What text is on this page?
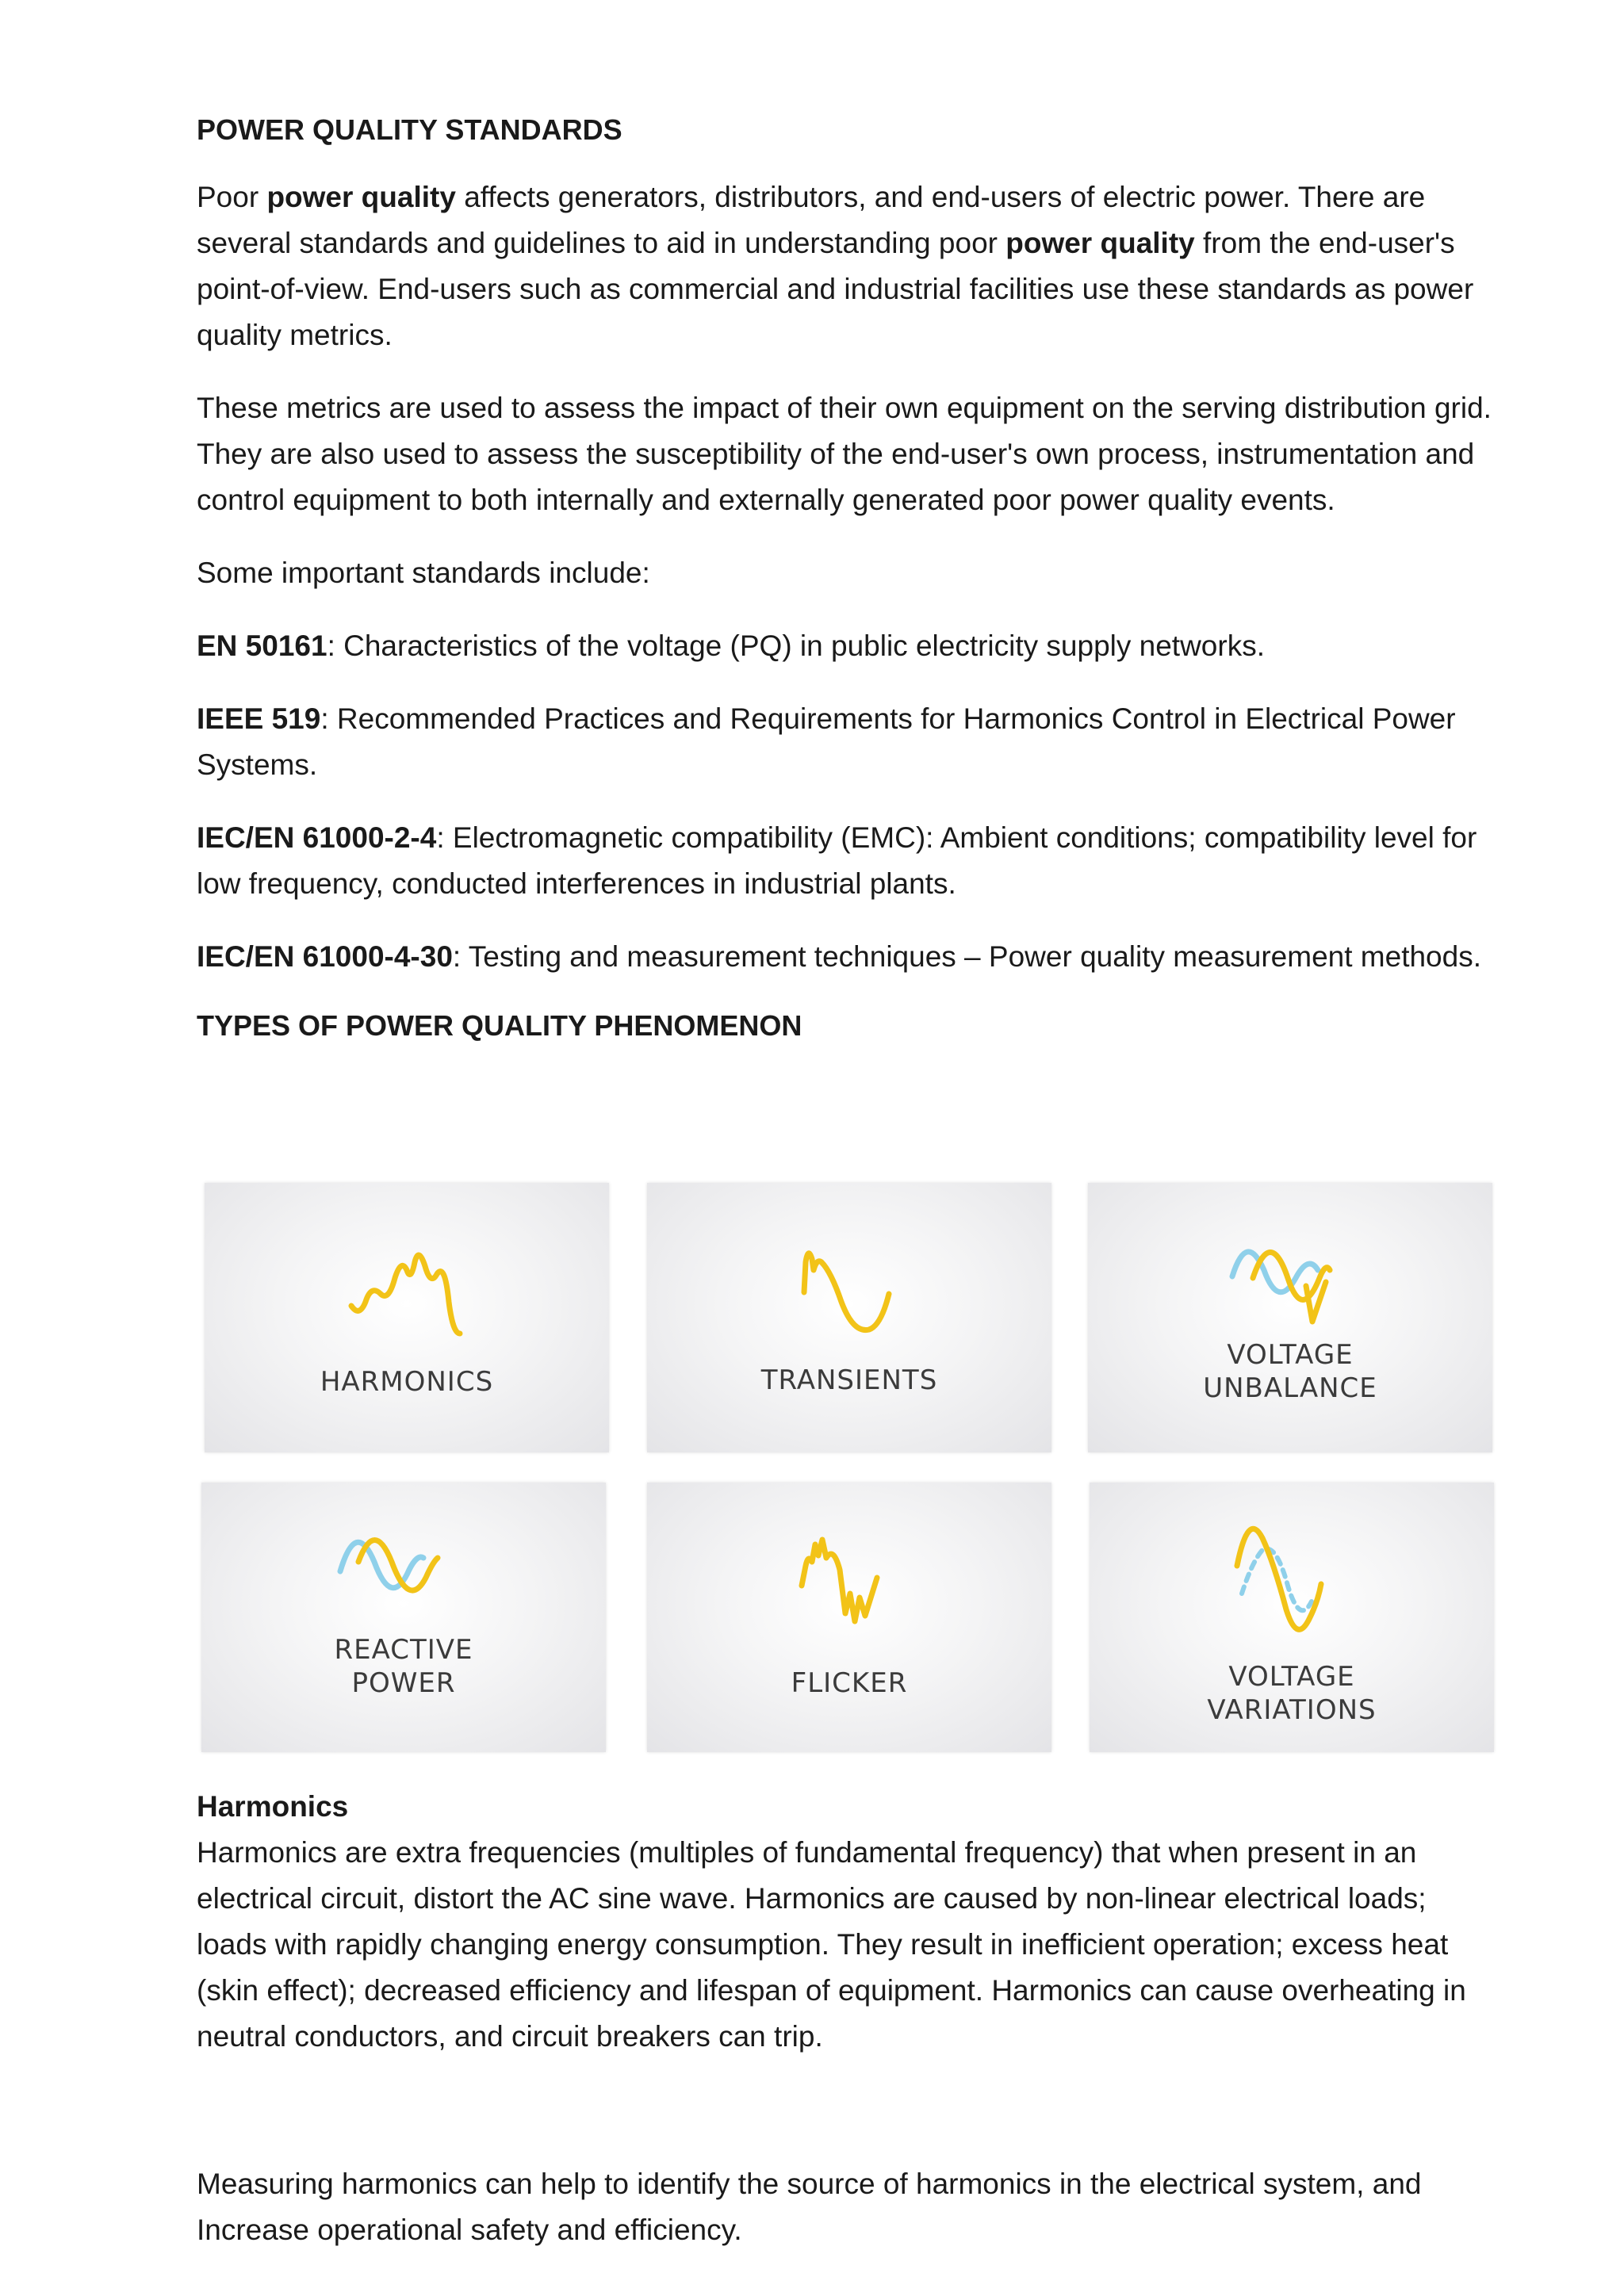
POWER QUALITY STANDARDS

Poor power quality affects generators, distributors, and end-users of electric power. There are several standards and guidelines to aid in understanding poor power quality from the end-user's point-of-view. End-users such as commercial and industrial facilities use these standards as power quality metrics.

These metrics are used to assess the impact of their own equipment on the serving distribution grid. They are also used to assess the susceptibility of the end-user's own process, instrumentation and control equipment to both internally and externally generated poor power quality events.

Some important standards include:

EN 50161: Characteristics of the voltage (PQ) in public electricity supply networks.

IEEE 519: Recommended Practices and Requirements for Harmonics Control in Electrical Power Systems.

IEC/EN 61000-2-4: Electromagnetic compatibility (EMC): Ambient conditions; compatibility level for low frequency, conducted interferences in industrial plants.

IEC/EN 61000-4-30: Testing and measurement techniques – Power quality measurement methods.

TYPES OF POWER QUALITY PHENOMENON
HARMONICS	TRANSIENTS
VOLTAGE
UNBALANCE
REACTIVE
POWER	FLICKER	VOLTAGE
VARIATIONS

Harmonics

Harmonics are extra frequencies (multiples of fundamental frequency) that when present in an electrical circuit, distort the AC sine wave. Harmonics are caused by non-linear electrical loads; loads with rapidly changing energy consumption. They result in inefficient operation; excess heat (skin effect); decreased efficiency and lifespan of equipment. Harmonics can cause overheating in neutral conductors, and circuit breakers can trip.

Measuring harmonics can help to identify the source of harmonics in the electrical system, and Increase operational safety and efficiency.
